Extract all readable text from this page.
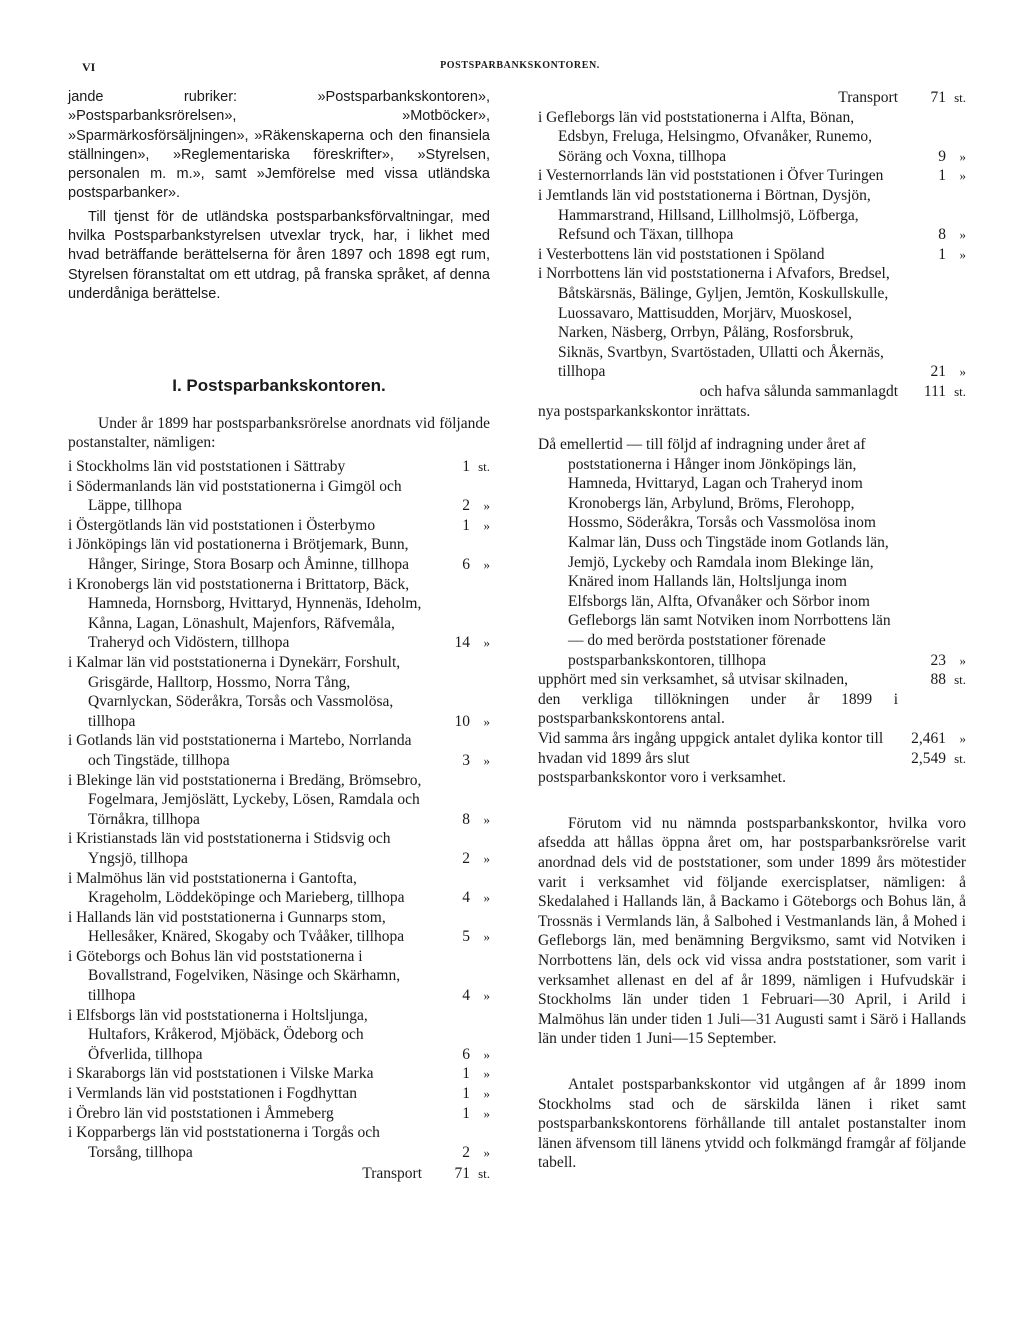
VI	POSTSPARBANKSKONTOREN.

jande rubriker: »Postsparbankskontoren», »Postsparbanksrörelsen», »Motböcker», »Sparmärkosförsäljningen», »Räkenskaperna och den finansiela ställningen», »Reglementariska föreskrifter», »Styrelsen, personalen m. m.», samt »Jemförelse med vissa utländska postsparbanker».

Till tjenst för de utländska postsparbanksförvaltningar, med hvilka Postsparbankstyrelsen utvexlar tryck, har, i likhet med hvad beträffande berättelserna för åren 1897 och 1898 egt rum, Styrelsen föranstaltat om ett utdrag, på franska språket, af denna underdåniga berättelse.

I. Postsparbankskontoren.

Under år 1899 har postsparbanksrörelse anordnats vid följande postanstalter, nämligen:

i Stockholms län vid poststationen i Sättraby	1 st.
i Södermanlands län vid poststationerna i Gimgöl och Läppe, tillhopa	2	»
i Östergötlands län vid poststationen i Österbymo	1	»
i Jönköpings län vid postationerna i Brötjemark, Bunn, Hånger, Siringe, Stora Bosarp och Åminne, tillhopa	6	»
i Kronobergs län vid poststationerna i Brittatorp, Bäck, Hamneda, Hornsborg, Hvittaryd, Hynnenäs, Ideholm, Kånna, Lagan, Lönashult, Majenfors, Räfvemåla, Traheryd och Vidöstern, tillhopa	14	»
i Kalmar län vid poststationerna i Dynekärr, Forshult, Grisgärde, Halltorp, Hossmo, Norra Tång, Qvarnlyckan, Söderåkra, Torsås och Vassmolösa, tillhopa	10	»
i Gotlands län vid poststationerna i Martebo, Norrlanda och Tingstäde, tillhopa	3	»
i Blekinge län vid poststationerna i Bredäng, Brömsebro, Fogelmara, Jemjöslätt, Lyckeby, Lösen, Ramdala och Törnåkra, tillhopa	8	»
i Kristianstads län vid poststationerna i Stidsvig och Yngsjö, tillhopa	2	»
i Malmöhus län vid poststationerna i Gantofta, Krageholm, Löddeköpinge och Marieberg, tillhopa	4	»
i Hallands län vid poststationerna i Gunnarps stom, Hellesåker, Knäred, Skogaby och Tvååker, tillhopa	5	»
i Göteborgs och Bohus län vid poststationerna i Bovallstrand, Fogelviken, Näsinge och Skärhamn, tillhopa	4	»
i Elfsborgs län vid poststationerna i Holtsljunga, Hultafors, Kråkerod, Mjöbäck, Ödeborg och Öfverlida, tillhopa	6	»
i Skaraborgs län vid poststationen i Vilske Marka	1	»
i Vermlands län vid poststationen i Fogdhyttan	1	»
i Örebro län vid poststationen i Åmmeberg	1	»
i Kopparbergs län vid poststationerna i Torgås och Torsång, tillhopa	2	»
Transport	71 st.
Transport	71 st.
i Gefleborgs län vid poststationerna i Alfta, Bönan, Edsbyn, Freluga, Helsingmo, Ofvanåker, Runemo, Söräng och Voxna, tillhopa	9	»
i Vesternorrlands län vid poststationen i Öfver Turingen	1	»
i Jemtlands län vid poststationerna i Börtnan, Dysjön, Hammarstrand, Hillsand, Lillholmsjö, Löfberga, Refsund och Täxan, tillhopa	8	»
i Vesterbottens län vid poststationen i Spöland	1	»
i Norrbottens län vid poststationerna i Afvafors, Bredsel, Båtskärsnäs, Bälinge, Gyljen, Jemtön, Koskullskulle, Luossavaro, Mattisudden, Morjärv, Muoskosel, Narken, Näsberg, Orrbyn, Påläng, Rosforsbruk, Siknäs, Svartbyn, Svartöstaden, Ullatti och Åkernäs, tillhopa	21	»
och hafva sålunda sammanlagdt	111 st.

nya postsparkankskontor inrättats.

Då emellertid — till följd af indragning under året af poststationerna i Hånger inom Jönköpings län, Hamneda, Hvittaryd, Lagan och Traheryd inom Kronobergs län, Arbylund, Bröms, Flerohopp, Hossmo, Söderåkra, Torsås och Vassmolösa inom Kalmar län, Duss och Tingstäde inom Gotlands län, Jemjö, Lyckeby och Ramdala inom Blekinge län, Knäred inom Hallands län, Holtsljunga inom Elfsborgs län, Alfta, Ofvanåker och Sörbor inom Gefleborgs län samt Notviken inom Norrbottens län — do med berörda poststationer förenade postsparbankskontoren, tillhopa	23	»
upphört med sin verksamhet, så utvisar skilnaden,	88 st.

den verkliga tillökningen under år 1899 i postsparbankskontorens antal.

Vid samma års ingång uppgick antalet dylika kontor till	2,461	»
hvadan vid 1899 års slut	2,549 st.

postsparbankskontor voro i verksamhet.

Förutom vid nu nämnda postsparbankskontor, hvilka voro afsedda att hållas öppna året om, har postsparbanksrörelse varit anordnad dels vid de poststationer, som under 1899 års mötestider varit i verksamhet vid följande exercisplatser, nämligen: å Skedalahed i Hallands län, å Backamo i Göteborgs och Bohus län, å Trossnäs i Vermlands län, å Salbohed i Vestmanlands län, å Mohed i Gefleborgs län, med benämning Bergviksmo, samt vid Notviken i Norrbottens län, dels ock vid vissa andra poststationer, som varit i verksamhet allenast en del af år 1899, nämligen i Hufvudskär i Stockholms län under tiden 1 Februari—30 April, i Arild i Malmöhus län under tiden 1 Juli—31 Augusti samt i Särö i Hallands län under tiden 1 Juni—15 September.

Antalet postsparbankskontor vid utgången af år 1899 inom Stockholms stad och de särskilda länen i riket samt postsparbankskontorens förhållande till antalet postanstalter inom länen äfvensom till länens ytvidd och folkmängd framgår af följande tabell.
